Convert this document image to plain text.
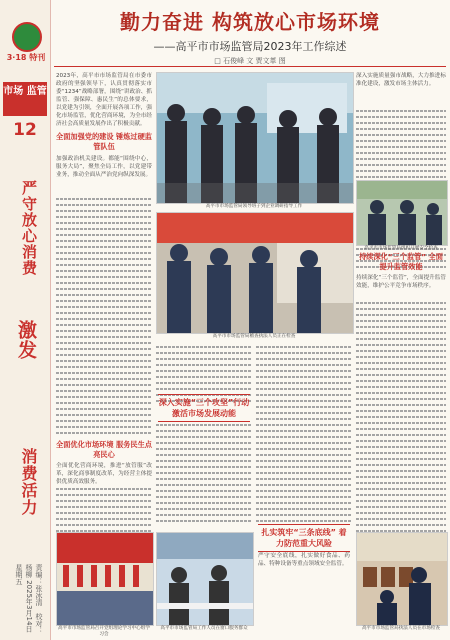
3·18 特刊
市场 监管
12
严守放心消费
激发
消费活力
责编：张冰清　校对：杨柳 2025年3月14日 星期五
勤力奋进 构筑放心市场环境
——高平市市场监管局2023年工作综述
□ 石俊峰 文 贾文革 图
2023年，高平市市场监管局在市委市政府的坚强领导下，认真贯彻落实市委“1234”战略部署，围绕“讲政治、抓监管、强保障、惠民生”的总体要求，以党建为引领，全面开展各项工作，强化市场监管，优化营商环境，为全市经济社会高质量发展作出了积极贡献。
全面加强党的建设 锤炼过硬监管队伍
加强政治机关建设。都能“围绕中心，服务大局”，聚焦全局工作，以党建带业务，推动全面从严治党向纵深发展。
全面优化市场环境 服务民生点亮民心
全面优化营商环境，推进“放管服”改革，深化商事制度改革，为经营主体提供优质高效服务。
高平市市场监管局领导班子到企业调研指导工作
深入实施质量强市战略，大力推进标准化建设，激发市场主体活力。
高平市市场监管局稽查执法人员正在检查
持续深化“三个监管” 全面提升监管效能
持续深化“三个监管”，全面提升监管效能，维护公平竞争市场秩序。
深入实施“三个攻坚”行动 激活市场发展动能
扎实筑牢“三条底线” 着力防范重大风险
严守安全底线，扎实做好食品、药品、特种设备等重点领域安全监管。
高平市市场监管局召开党组理论学习中心组学习会
高平市市场监管局工作人员在窗口服务群众	高平市市场监管局执法人员在市场检查
高平市市场监管局组织开展安全检查
